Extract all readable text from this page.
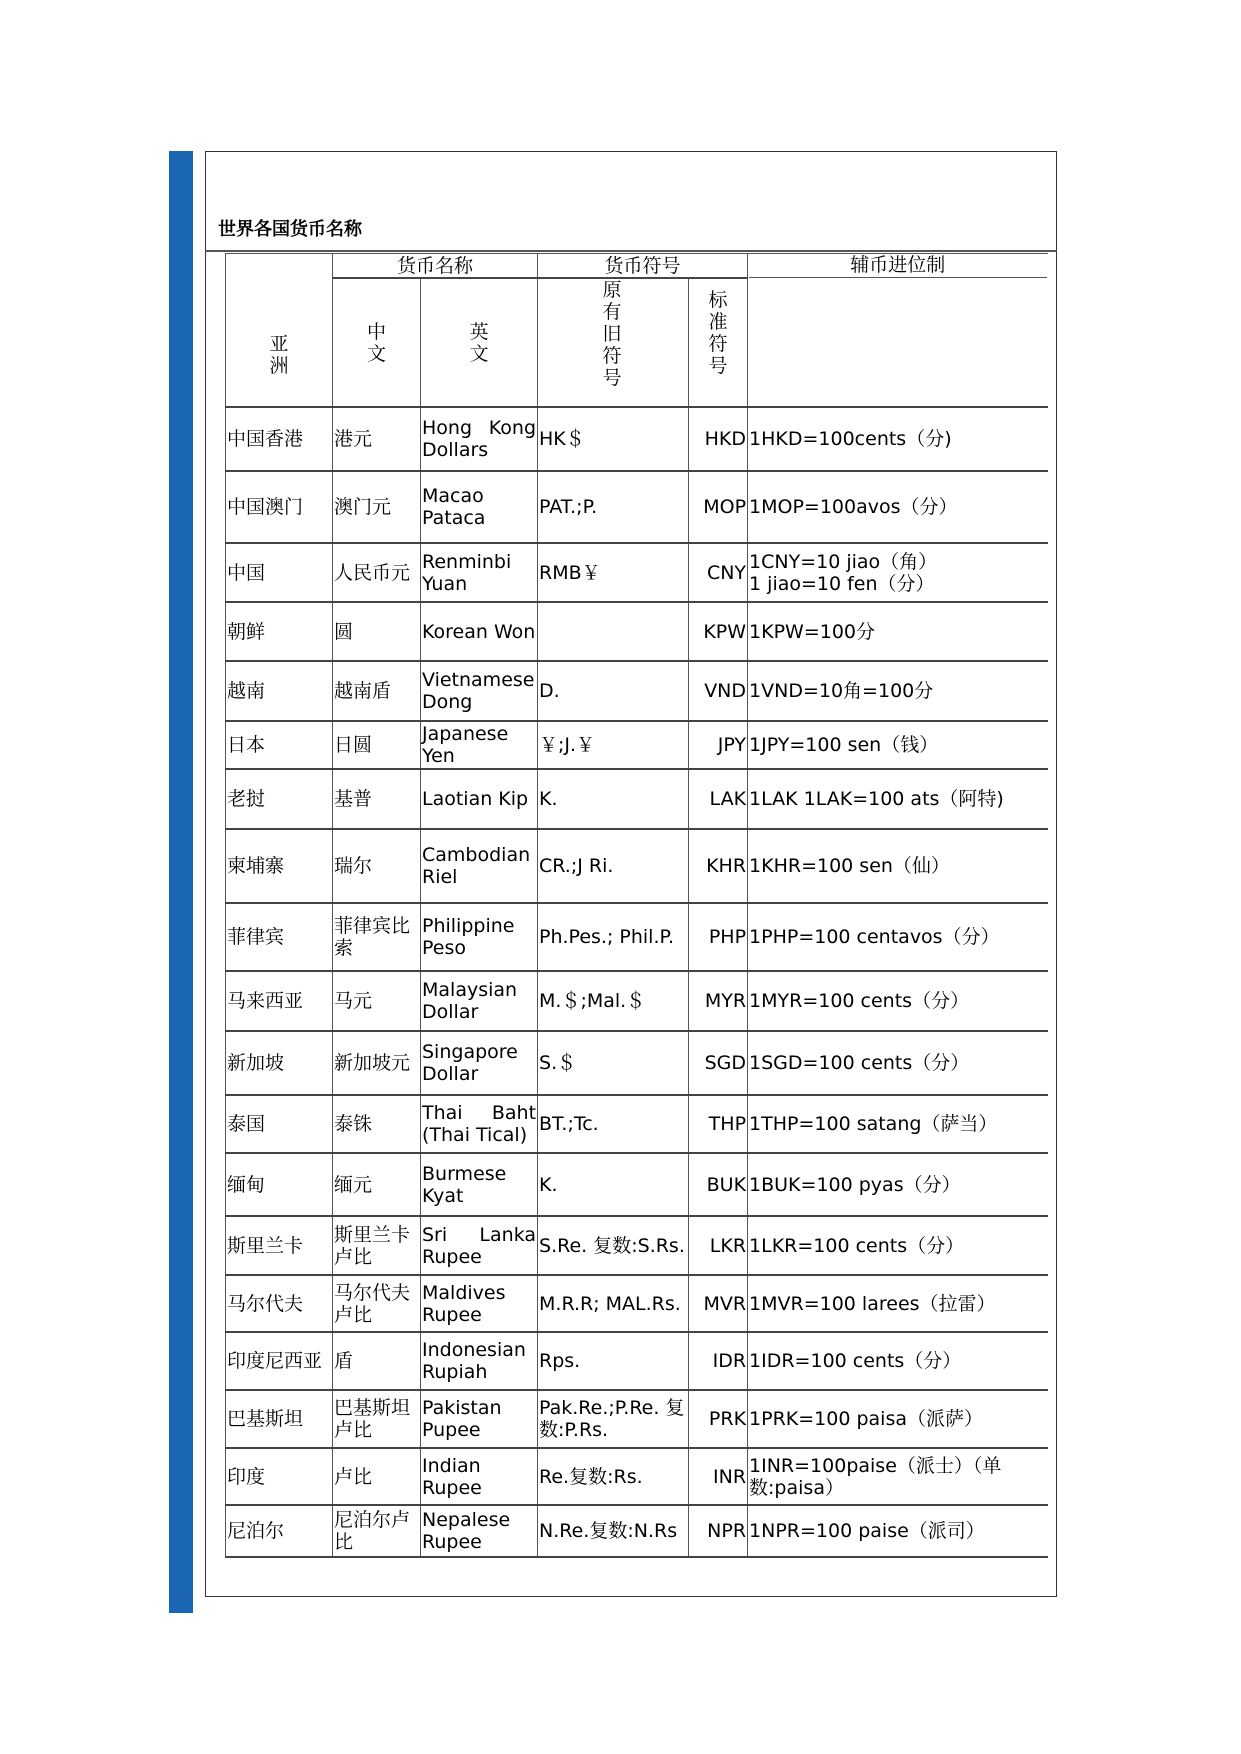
世界各国货币名称
亚洲	货币名称		货币符号		辅币进位制

	中文	英文	原有旧符号	标准符号	
中国香港	港元	Hong Kong Dollars	HK＄	HKD	1HKD=100cents（分)

中国澳门	澳门元	Macao Pataca	PAT.;P.	MOP	1MOP=100avos（分）

中国	人民币元	Renminbi Yuan	RMB￥	CNY	1CNY=10 jiao（角）
1 jiao=10 fen（分）

朝鲜	圆	Korean Won		KPW	1KPW=100分

越南	越南盾	Vietnamese Dong	D.	VND	1VND=10角=100分

日本	日圆	Japanese Yen	￥;J.￥	JPY	1JPY=100 sen（钱）

老挝	基普	Laotian Kip	K.	LAK	1LAK 1LAK=100 ats（阿特)

柬埔寨	瑞尔	Cambodian Riel	CR.;J Ri.	KHR	1KHR=100 sen（仙）

菲律宾	菲律宾比索	Philippine Peso	Ph.Pes.; Phil.P.	PHP	1PHP=100 centavos（分）

马来西亚	马元	Malaysian Dollar	M.＄;Mal.＄	MYR	1MYR=100 cents（分）

新加坡	新加坡元	Singapore Dollar	S.＄	SGD	1SGD=100 cents（分）

泰国	泰铢	Thai Baht (Thai Tical)	BT.;Tc.	THP	1THP=100 satang（萨当）

缅甸	缅元	Burmese Kyat	K.	BUK	1BUK=100 pyas（分）

斯里兰卡	斯里兰卡卢比	Sri Lanka Rupee	S.Re. 复数:S.Rs.	LKR	1LKR=100 cents（分）

马尔代夫	马尔代夫卢比	Maldives Rupee	M.R.R; MAL.Rs.	MVR	1MVR=100 larees（拉雷）

印度尼西亚	盾	Indonesian Rupiah	Rps.	IDR	1IDR=100 cents（分）

巴基斯坦	巴基斯坦卢比	Pakistan Pupee	Pak.Re.;P.Re. 复数:P.Rs.	PRK	1PRK=100 paisa（派萨）

印度	卢比	Indian Rupee	Re.复数:Rs.	INR	1INR=100paise（派士）（单
数:paisa）

尼泊尔	尼泊尔卢比	Nepalese Rupee	N.Re.复数:N.Rs	NPR	1NPR=100 paise（派司）
